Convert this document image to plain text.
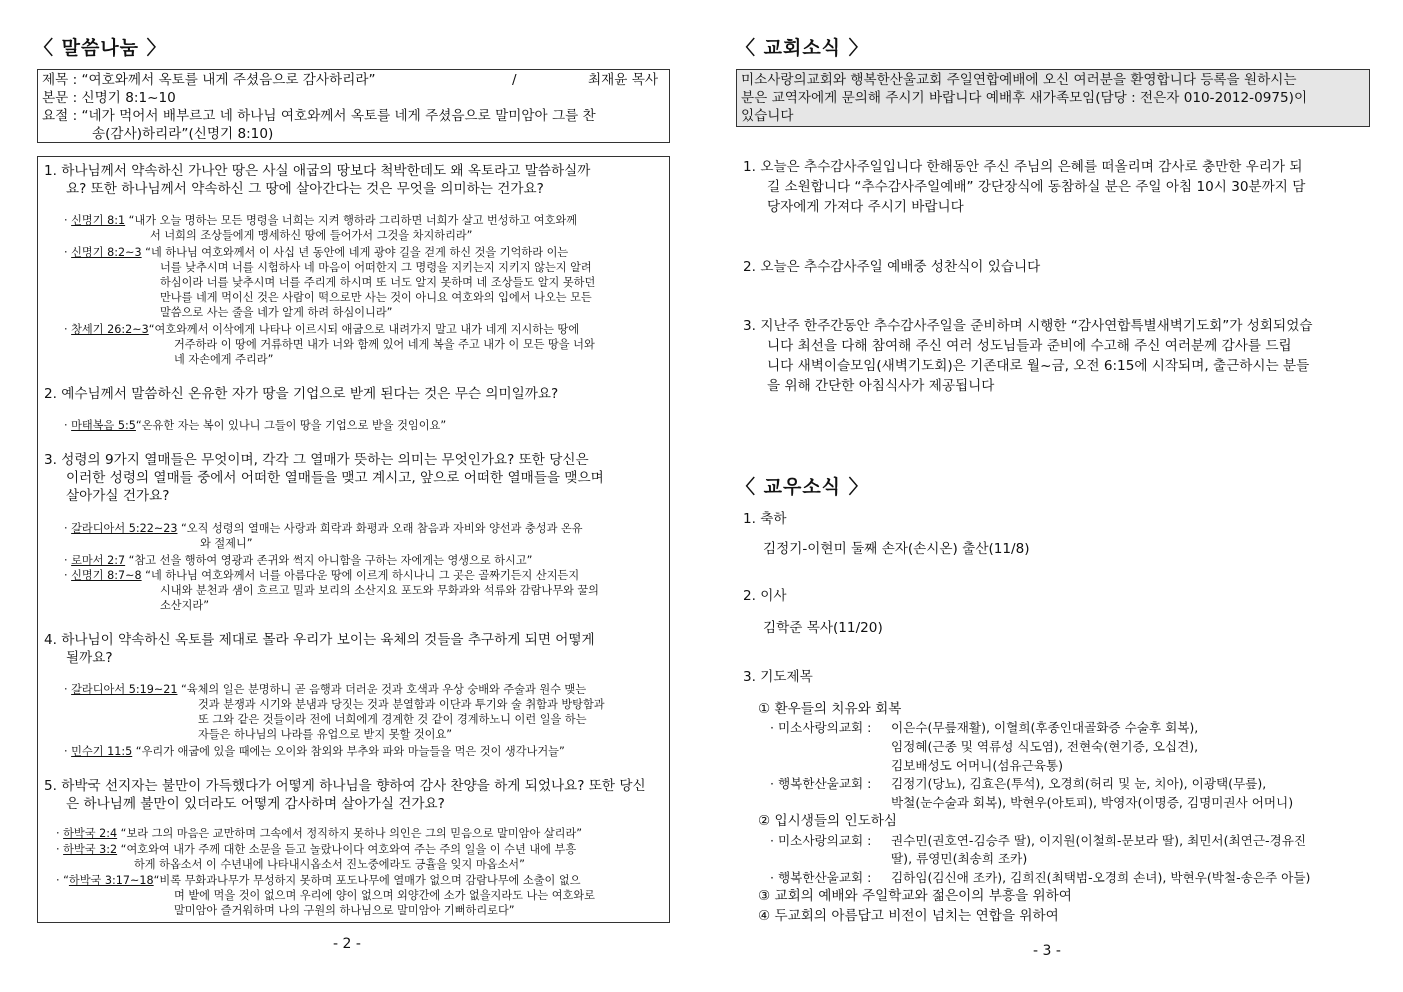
〈 말씀나눔 〉
제목 : “여호와께서 옥토를 내게 주셨음으로 감사하리라”	/	최재윤 목사
본문 : 신명기 8:1~10
요절 : “네가 먹어서 배부르고 네 하나님 여호와께서 옥토를 네게 주셨음으로 말미암아 그를 찬
송(감사)하리라”(신명기 8:10)
1. 하나님께서 약속하신 가나안 땅은 사실 애굽의 땅보다 척박한데도 왜 옥토라고 말씀하실까
요? 또한 하나님께서 약속하신 그 땅에 살아간다는 것은 무엇을 의미하는 건가요?
· 신명기 8:1 “내가 오늘 명하는 모든 명령을 너희는 지켜 행하라 그리하면 너희가 살고 번성하고 여호와께
서 너희의 조상들에게 맹세하신 땅에 들어가서 그것을 차지하리라”
· 신명기 8:2~3 “네 하나님 여호와께서 이 사십 년 동안에 네게 광야 길을 걷게 하신 것을 기억하라 이는
너를 낮추시며 너를 시험하사 네 마음이 어떠한지 그 명령을 지키는지 지키지 않는지 알려
하심이라 너를 낮추시며 너를 주리게 하시며 또 너도 알지 못하며 네 조상들도 알지 못하던
만나를 네게 먹이신 것은 사람이 떡으로만 사는 것이 아니요 여호와의 입에서 나오는 모든
말씀으로 사는 줄을 네가 알게 하려 하심이니라”
· 창세기 26:2~3“여호와께서 이삭에게 나타나 이르시되 애굽으로 내려가지 말고 내가 네게 지시하는 땅에
거주하라 이 땅에 거류하면 내가 너와 함께 있어 네게 복을 주고 내가 이 모든 땅을 너와
네 자손에게 주리라”
2. 예수님께서 말씀하신 온유한 자가 땅을 기업으로 받게 된다는 것은 무슨 의미일까요?
· 마태복음 5:5“온유한 자는 복이 있나니 그들이 땅을 기업으로 받을 것임이요”
3. 성령의 9가지 열매들은 무엇이며, 각각 그 열매가 뜻하는 의미는 무엇인가요? 또한 당신은
이러한 성령의 열매들 중에서 어떠한 열매들을 맺고 계시고, 앞으로 어떠한 열매들을 맺으며
살아가실 건가요?
· 갈라디아서 5:22~23 “오직 성령의 열매는 사랑과 희락과 화평과 오래 참음과 자비와 양선과 충성과 온유
와 절제니”
· 로마서 2:7 “참고 선을 행하여 영광과 존귀와 썩지 아니함을 구하는 자에게는 영생으로 하시고”
· 신명기 8:7~8 “네 하나님 여호와께서 너를 아름다운 땅에 이르게 하시나니 그 곳은 골짜기든지 산지든지
시내와 분천과 샘이 흐르고 밀과 보리의 소산지요 포도와 무화과와 석류와 감람나무와 꿀의
소산지라”
4. 하나님이 약속하신 옥토를 제대로 몰라 우리가 보이는 육체의 것들을 추구하게 되면 어떻게
될까요?
· 갈라디아서 5:19~21 “육체의 일은 분명하니 곧 음행과 더러운 것과 호색과 우상 숭배와 주술과 원수 맺는
것과 분쟁과 시기와 분냄과 당짓는 것과 분열함과 이단과 투기와 술 취함과 방탕함과
또 그와 같은 것들이라 전에 너희에게 경계한 것 같이 경계하노니 이런 일을 하는
자들은 하나님의 나라를 유업으로 받지 못할 것이요”
· 민수기 11:5 “우리가 애굽에 있을 때에는 오이와 참외와 부추와 파와 마늘들을 먹은 것이 생각나거늘”
5. 하박국 선지자는 불만이 가득했다가 어떻게 하나님을 향하여 감사 찬양을 하게 되었나요? 또한 당신
은 하나님께 불만이 있더라도 어떻게 감사하며 살아가실 건가요?
· 하박국 2:4 “보라 그의 마음은 교만하며 그속에서 정직하지 못하나 의인은 그의 믿음으로 말미암아 살리라”
· 하박국 3:2 “여호와여 내가 주께 대한 소문을 듣고 놀랐나이다 여호와여 주는 주의 일을 이 수년 내에 부흥
하게 하옵소서 이 수년내에 나타내시옵소서 진노중에라도 긍휼을 잊지 마옵소서”
· “하박국 3:17~18“비록 무화과나무가 무성하지 못하며 포도나무에 열매가 없으며 감람나무에 소출이 없으
며 밭에 먹을 것이 없으며 우리에 양이 없으며 외양간에 소가 없을지라도 나는 여호와로
말미암아 즐거워하며 나의 구원의 하나님으로 말미암아 기뻐하리로다”
- 2 -
〈 교회소식 〉
미소사랑의교회와 행복한산울교회 주일연합예배에 오신 여러분을 환영합니다 등록을 원하시는
분은 교역자에게 문의해 주시기 바랍니다 예배후 새가족모임(담당 : 전은자 010-2012-0975)이
있습니다
1. 오늘은 추수감사주일입니다 한해동안 주신 주님의 은혜를 떠올리며 감사로 충만한 우리가 되
길 소원합니다 “추수감사주일예배” 강단장식에 동참하실 분은 주일 아침 10시 30분까지 담
당자에게 가져다 주시기 바랍니다
2. 오늘은 추수감사주일 예배중 성찬식이 있습니다
3. 지난주 한주간동안 추수감사주일을 준비하며 시행한 “감사연합특별새벽기도회”가 성회되었습
니다 최선을 다해 참여해 주신 여러 성도님들과 준비에 수고해 주신 여러분께 감사를 드립
니다 새벽이슬모임(새벽기도회)은 기존대로 월~금, 오전 6:15에 시작되며, 출근하시는 분들
을 위해 간단한 아침식사가 제공됩니다
〈 교우소식 〉
1. 축하
김정기-이현미 둘째 손자(손시온) 출산(11/8)
2. 이사
김학준 목사(11/20)
3. 기도제목
① 환우들의 치유와 회복
· 미소사랑의교회 : 이은수(무릎재활), 이혈희(후종인대골화증 수술후 회복),
임정혜(근종 및 역류성 식도염), 전현숙(현기증, 오십견),
김보배성도 어머니(섬유근육통)
· 행복한산울교회 : 김정기(당뇨), 김효은(투석), 오경희(허리 및 눈, 치아), 이광택(무릎),
박철(눈수술과 회복), 박현우(아토피), 박영자(이명증, 김명미권사 어머니)
② 입시생들의 인도하심
· 미소사랑의교회 : 권수민(권호연-김승주 딸), 이지원(이철희-문보라 딸), 최민서(최연근-경유진
딸), 류영민(최송희 조카)
· 행복한산울교회 : 김하임(김신애 조카), 김희진(최택범-오경희 손녀), 박현우(박철-송은주 아들)
③ 교회의 예배와 주일학교와 젊은이의 부흥을 위하여
④ 두교회의 아름답고 비전이 넘치는 연합을 위하여
- 3 -
